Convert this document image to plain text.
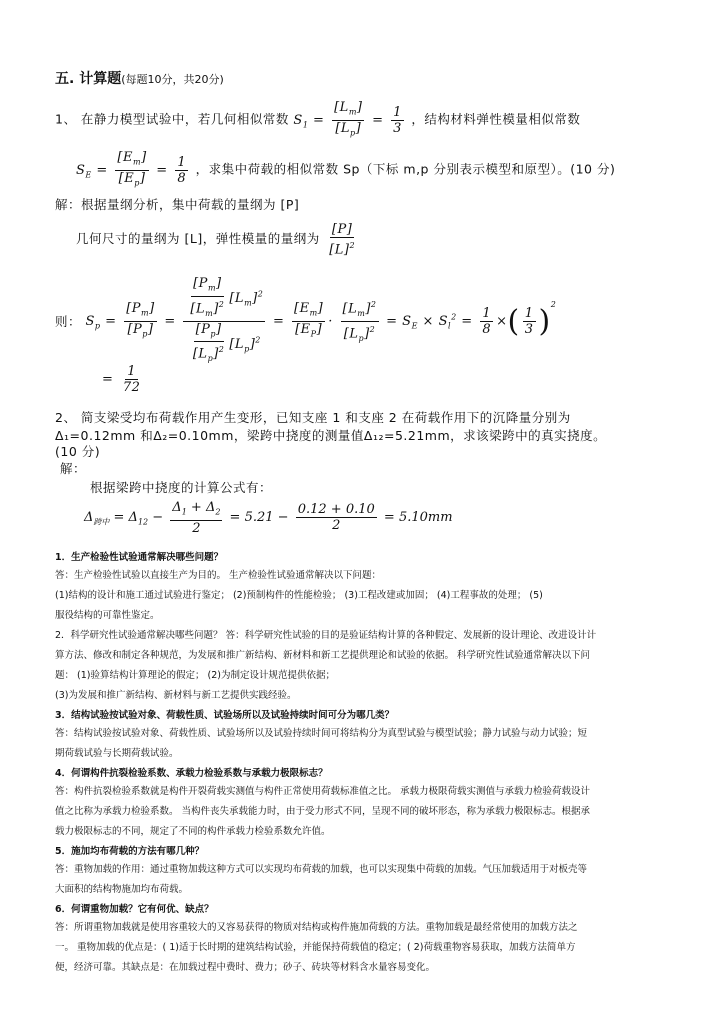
五. 计算题(每题10分，共20分)
1、 在静力模型试验中，若几何相似常数 $S_1 = \frac{[L_m]}{[L_p]} = \frac{1}{3}$ ，结构材料弹性模量相似常数
$S_E = \frac{[E_m]}{[E_p]} = \frac{1}{8}$ ，求集中荷载的相似常数 Sp（下标 m,p 分别表示模型和原型）。(10 分)
解：根据量纲分析，集中荷载的量纲为 [P]
几何尺寸的量纲为 [L]，弹性模量的量纲为 $\frac{[P]}{[L]^2}$
则： $S_p = \frac{[P_m]}{[P_p]} = \frac{\frac{[P_m]}{[L_m]^2} [L_m]^2}{\frac{[P_p]}{[L_p]^2} [L_p]^2} = \frac{[E_m]}{[E_P]} \cdot \frac{[L_m]^2}{[L_p]^2} = S_E \times S_l^2 = \frac{1}{8}$ ×( $\frac{1}{3} )^2$
= $\frac{1}{72}$
2、 简支梁受均布荷载作用产生变形，已知支座 1 和支座 2 在荷载作用下的沉降量分别为
Δ₁=0.12mm 和Δ₂=0.10mm，梁跨中挠度的测量值Δ₁₂=5.21mm，求该梁跨中的真实挠度。
(10 分)
解：
根据梁跨中挠度的计算公式有：
$\Delta_{跨中} = \Delta_{12} - \frac{\Delta_1 + \Delta_2}{2} = 5.21 - \frac{0.12 + 0.10}{2} = 5.10mm$
1．生产检验性试验通常解决哪些问题？
答：生产检验性试验以直接生产为目的。 生产检验性试验通常解决以下问题：
(1)结构的设计和施工通过试验进行鉴定； (2)预制构件的性能检验； (3)工程改建或加固； (4)工程事故的处理； (5)
服役结构的可靠性鉴定。
2．科学研究性试验通常解决哪些问题？ 答：科学研究性试验的目的是验证结构计算的各种假定、发展新的设计理论、改进设计计
算方法、修改和制定各种规范，为发展和推广新结构、新材料和新工艺提供理论和试验的依据。 科学研究性试验通常解决以下问
题： (1)验算结构计算理论的假定； (2)为制定设计规范提供依据；
(3)为发展和推广新结构、新材料与新工艺提供实践经验。
3．结构试验按试验对象、荷载性质、试验场所以及试验持续时间可分为哪几类？
答：结构试验按试验对象、荷载性质、试验场所以及试验持续时间可将结构分为真型试验与模型试验；静力试验与动力试验；短
期荷载试验与长期荷载试验。
4．何谓构件抗裂检验系数、承载力检验系数与承载力极限标志？
答：构件抗裂检验系数就是构件开裂荷载实测值与构件正常使用荷载标准值之比。 承载力极限荷载实测值与承载力检验荷载设计
值之比称为承载力检验系数。 当构件丧失承载能力时，由于受力形式不同，呈现不同的破坏形态，称为承载力极限标志。根据承
载力极限标志的不同，规定了不同的构件承载力检验系数允许值。
5．施加均布荷载的方法有哪几种？
答：重物加载的作用：通过重物加载这种方式可以实现均布荷载的加载，也可以实现集中荷载的加载。气压加载适用于对板壳等
大面积的结构物施加均布荷载。
6．何谓重物加载？它有何优、缺点？
答：所谓重物加载就是使用容重较大的又容易获得的物质对结构或构件施加荷载的方法。重物加载是最经常使用的加载方法之
一。 重物加载的优点是：( 1)适于长时期的建筑结构试验，并能保持荷载值的稳定；( 2)荷载重物容易获取，加载方法简单方
便，经济可靠。其缺点是：在加载过程中费时、费力；砂子、砖块等材料含水量容易变化。
